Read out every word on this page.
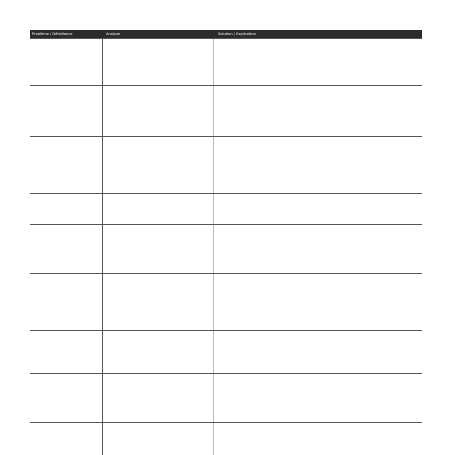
Problème / Défaillance	Analyse	Solution / Explication
